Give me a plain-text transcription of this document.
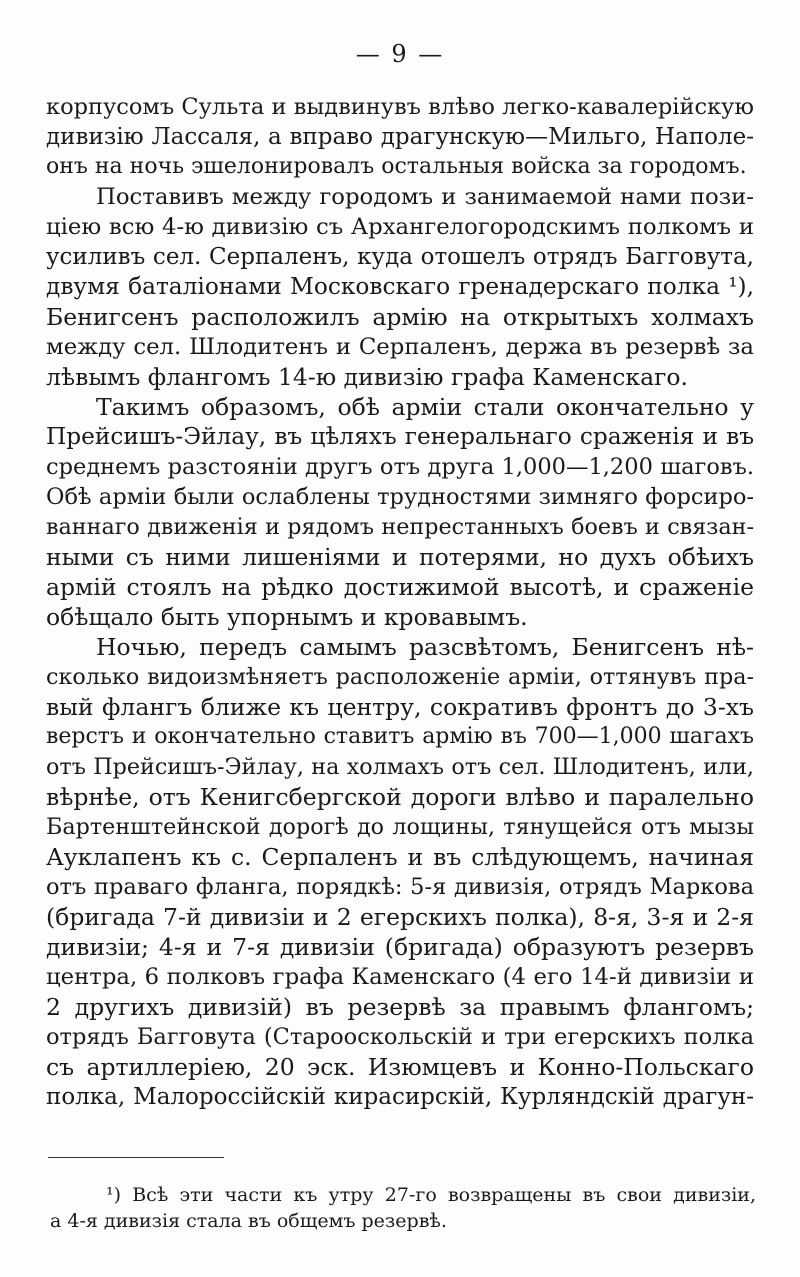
— 9 —
корпусомъ Сульта и выдвинувъ влѣво легко-кавалерійскую
дивизію Лассаля, а вправо драгунскую—Мильго, Наполе-
онъ на ночь эшелонировалъ остальныя войска за городомъ.
Поставивъ между городомъ и занимаемой нами пози-
ціею всю 4-ю дивизію съ Архангелогородскимъ полкомъ и
усиливъ сел. Серпаленъ, куда отошелъ отрядъ Багговута,
двумя баталіонами Московскаго гренадерскаго полка ¹),
Бенигсенъ расположилъ армію на открытыхъ холмахъ
между сел. Шлодитенъ и Серпаленъ, держа въ резервѣ за
лѣвымъ флангомъ 14-ю дивизію графа Каменскаго.
Такимъ образомъ, обѣ арміи стали окончательно у
Прейсишъ-Эйлау, въ цѣляхъ генеральнаго сраженія и въ
среднемъ разстояніи другъ отъ друга 1,000—1,200 шаговъ.
Обѣ арміи были ослаблены трудностями зимняго форсиро-
ваннаго движенія и рядомъ непрестанныхъ боевъ и связан-
ными съ ними лишеніями и потерями, но духъ обѣихъ
армій стоялъ на рѣдко достижимой высотѣ, и сраженіе
обѣщало быть упорнымъ и кровавымъ.
Ночью, передъ самымъ разсвѣтомъ, Бенигсенъ нѣ-
сколько видоизмѣняетъ расположеніе арміи, оттянувъ пра-
вый флангъ ближе къ центру, сокративъ фронтъ до 3-хъ
верстъ и окончательно ставитъ армію въ 700—1,000 шагахъ
отъ Прейсишъ-Эйлау, на холмахъ отъ сел. Шлодитенъ, или,
вѣрнѣе, отъ Кенигсбергской дороги влѣво и паралельно
Бартенштейнской дорогѣ до лощины, тянущейся отъ мызы
Ауклапенъ къ с. Серпаленъ и въ слѣдующемъ, начиная
отъ праваго фланга, порядкѣ: 5-я дивизія, отрядъ Маркова
(бригада 7-й дивизіи и 2 егерскихъ полка), 8-я, 3-я и 2-я
дивизіи; 4-я и 7-я дивизіи (бригада) образуютъ резервъ
центра, 6 полковъ графа Каменскаго (4 его 14-й дивизіи и
2 другихъ дивизій) въ резервѣ за правымъ флангомъ;
отрядъ Багговута (Старооскольскій и три егерскихъ полка
съ артиллеріею, 20 эск. Изюмцевъ и Конно-Польскаго
полка, Малороссійскій кирасирскій, Курляндскій драгун-
¹) Всѣ эти части къ утру 27-го возвращены въ свои дивизіи,
а 4-я дивизія стала въ общемъ резервѣ.
